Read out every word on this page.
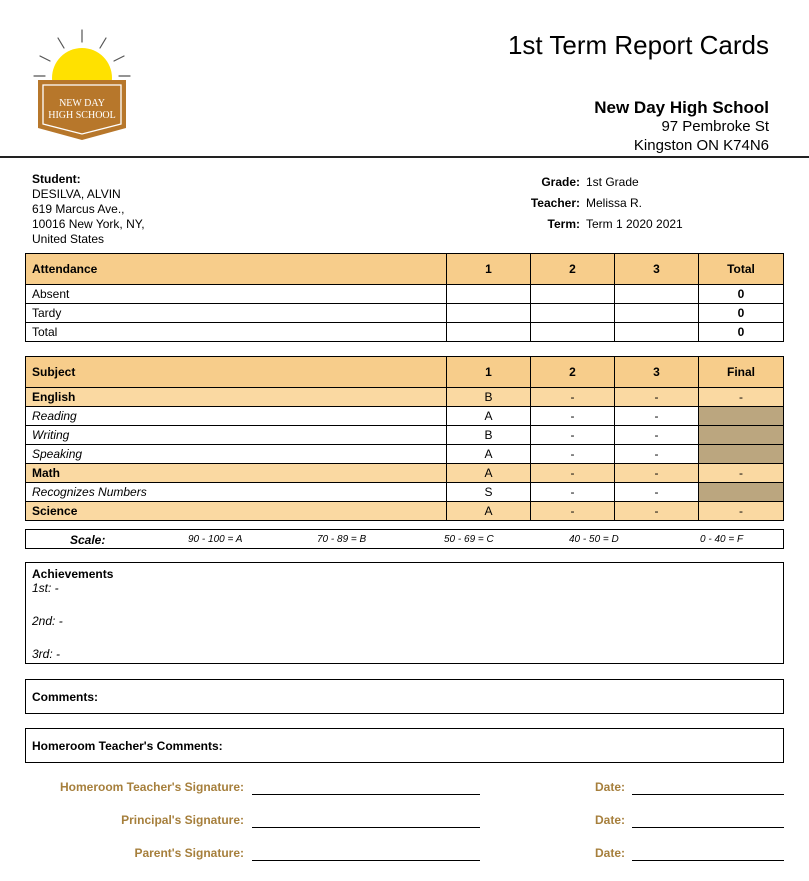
NEW DAY
HIGH SCHOOL
1st Term Report Cards
New Day High School
97 Pembroke St
Kingston ON K74N6
Student:
DESILVA, ALVIN
619 Marcus Ave.,
10016 New York, NY,
United States
Grade: 1st Grade
Teacher: Melissa R.
Term: Term 1 2020 2021
Attendance	1	2	3	Total
Absent				0
Tardy				0
Total				0
Subject	1	2	3	Final
English	B	-	-	-
Reading	A	-	-	
Writing	B	-	-	
Speaking	A	-	-	
Math	A	-	-	-
Recognizes Numbers	S	-	-	
Science	A	-	-	-
Scale:	90 - 100 = A	70 - 89 = B	50 - 69 = C	40 - 50 = D	0 - 40 = F
Achievements
1st: -
2nd: -
3rd: -
Comments:
Homeroom Teacher's Comments:
Homeroom Teacher's Signature:	Date:
Principal's Signature:	Date:
Parent's Signature:	Date:
